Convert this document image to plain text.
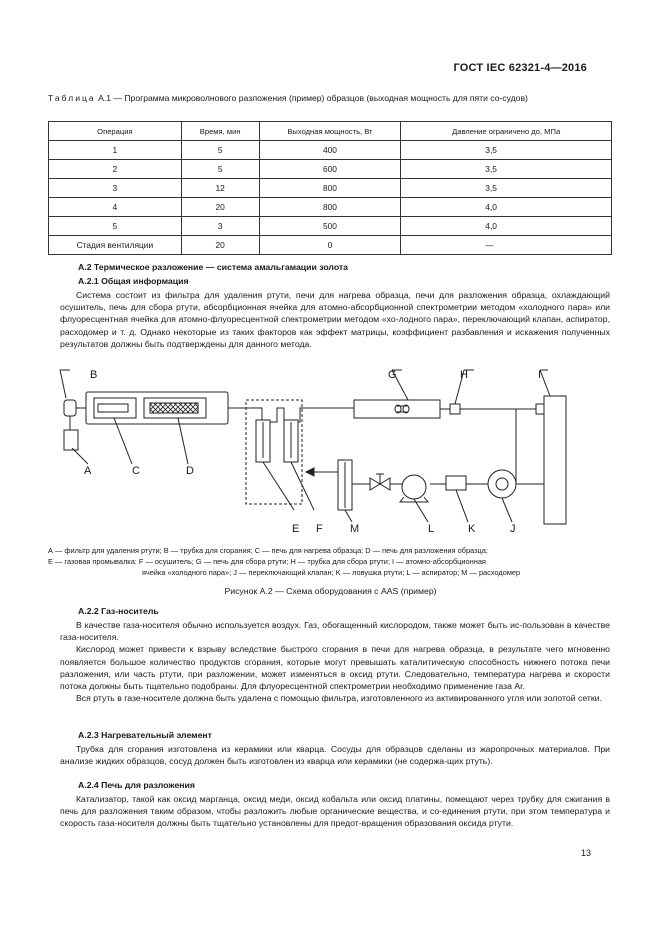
ГОСТ IEC 62321-4—2016
Таблица А.1 — Программа микроволнового разложения (пример) образцов (выходная мощность для пяти со-судов)
Операция	Время, мин	Выходная мощность, Вт	Давление ограничено до, МПа
1	5	400	3,5
2	5	600	3,5
3	12	800	3,5
4	20	800	4,0
5	3	500	4,0
Стадия вентиляции	20	0	—
А.2 Термическое разложение — система амальгамации золота
А.2.1 Общая информация

Система состоит из фильтра для удаления ртути, печи для нагрева образца, печи для разложения образца, охлаждающий осушитель, печь для сбора ртути, абсорбционная ячейка для атомно-абсорбционной спектрометрии методом «холодного пара» или флуоресцентная ячейка для атомно-флуоресцентной спектрометрии методом «хо-лодного пара», переключающий клапан, аспиратор, расходомер и т. д. Однако некоторые из таких факторов как эффект матрицы, коэффициент разбавления и искажения полученных результатов должны быть подтверждены для данного метода.

B	G	H	I
A	C	D
E F M	L	K	J
А — фильтр для удаления ртути; В — трубка для сгорания; С — печь для нагрева образца; D — печь для разложения образца;
Е — газовая промывалка: F — осушитель; G — печь для сбора ртути; Н — трубка для сбора ртути; I — атомно-абсорбционная
ячейка «холодного пара»; J — переключающий клапан; K — ловушка ртути; L — аспиратор; М — расходомер
Рисунок А.2 — Схема оборудования с AAS (пример)
А.2.2 Газ-носитель

В качестве газа-носителя обычно используется воздух. Газ, обогащенный кислородом, также может быть ис-пользован в качестве газа-носителя.

Кислород может привести к взрыву вследствие быстрого сгорания в печи для нагрева образца, в результате чего мгновенно появляется большое количество продуктов сгорания, которые могут превышать каталитическую способность нижнего потока печи разложения, или часть ртути, при разложении, может изменяться в оксид ртути. Следовательно, температура нагрева и скорости потока должны быть тщательно подобраны. Для флуоресцентной спектрометрии необходимо применение газа Ar.

Вся ртуть в газе-носителе должна быть удалена с помощью фильтра, изготовленного из активированного угля или золотой сетки.

А.2.3 Нагревательный элемент

Трубка для сгорания изготовлена из керамики или кварца. Сосуды для образцов сделаны из жаропрочных материалов. При анализе жидких образцов, сосуд должен быть изготовлен из кварца или керамики (не содержа-щих ртуть).

А.2.4 Печь для разложения

Катализатор, такой как оксид марганца, оксид меди, оксид кобальта или оксид платины, помещают через трубку для сжигания в печь для разложения таким образом, чтобы разложить любые органические вещества, и со-единения ртути, при этом температура и скорость газа-носителя должны быть тщательно установлены для предот-вращения образования оксида ртути.

13
